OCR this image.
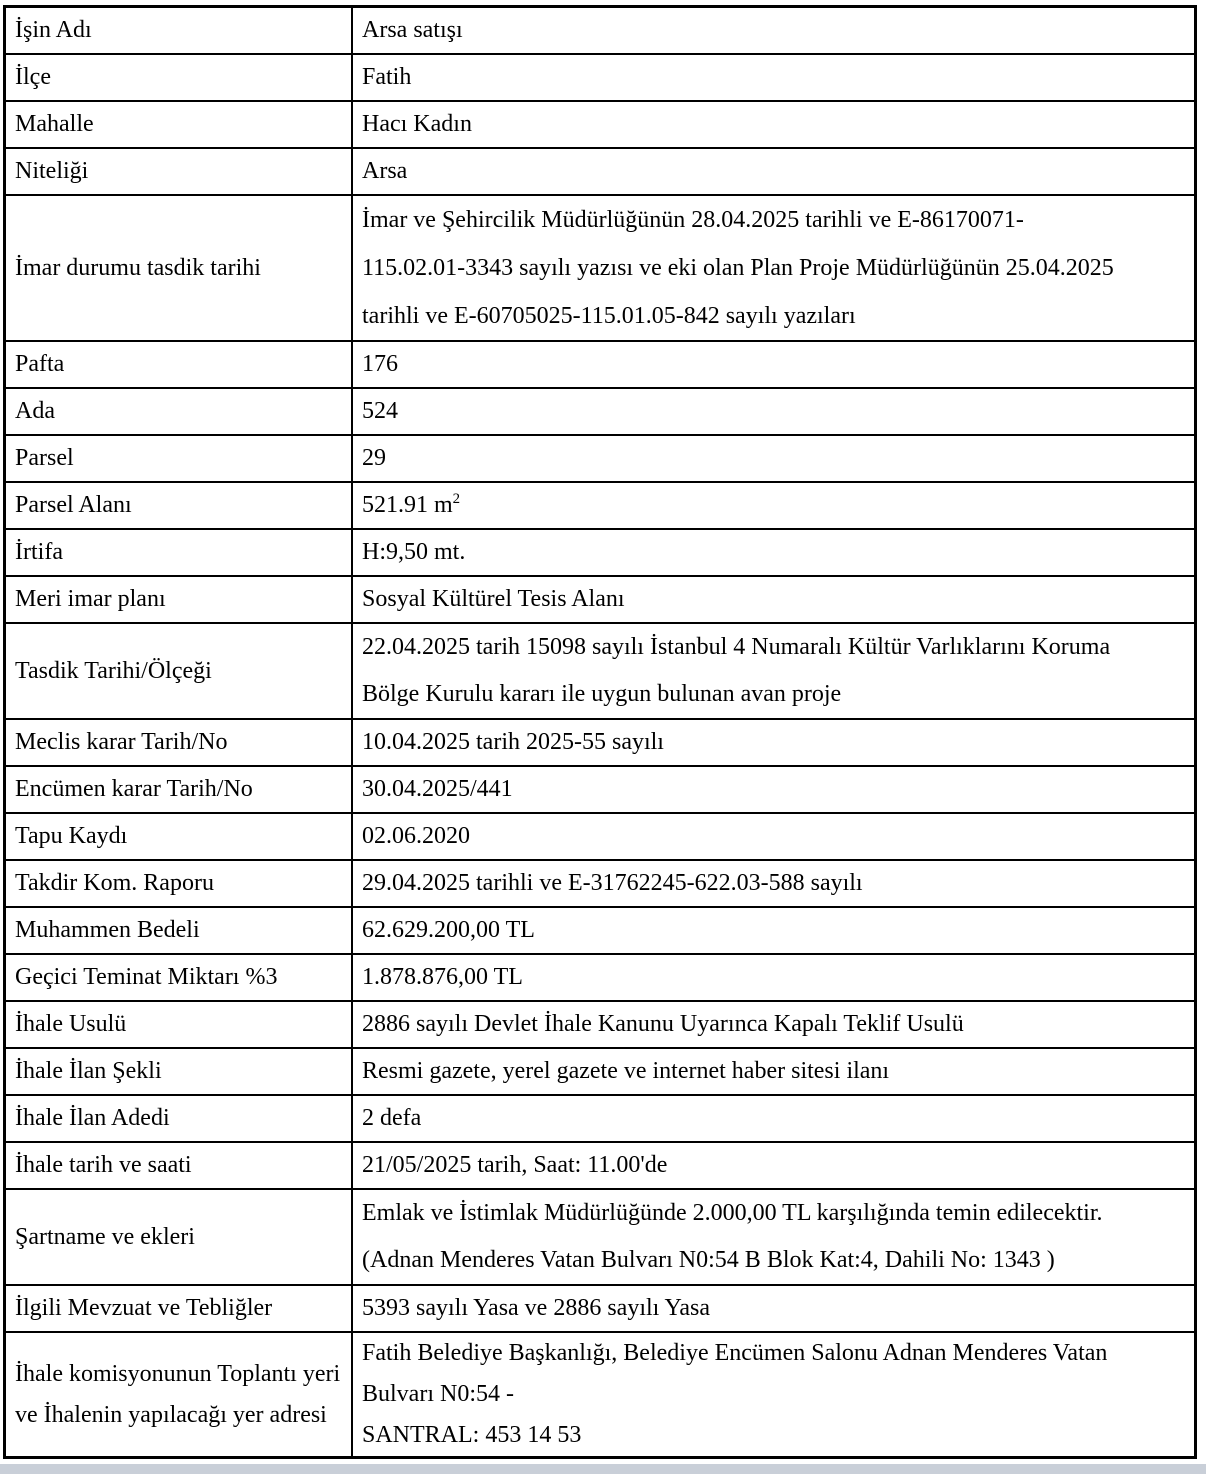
İşin Adı	Arsa satışı

İlçe	Fatih

Mahalle	Hacı Kadın

Niteliği	Arsa

İmar durumu tasdik tarihi	İmar ve Şehircilik Müdürlüğünün 28.04.2025 tarihli ve E-86170071-
115.02.01-3343 sayılı yazısı ve eki olan Plan Proje Müdürlüğünün 25.04.2025
tarihli ve E-60705025-115.01.05-842 sayılı yazıları

Pafta	176

Ada	524

Parsel	29

Parsel Alanı	521.91 $m^2$

İrtifa	H:9,50 mt.

Meri imar planı	Sosyal Kültürel Tesis Alanı

Tasdik Tarihi/Ölçeği	22.04.2025 tarih 15098 sayılı İstanbul 4 Numaralı Kültür Varlıklarını Koruma
Bölge Kurulu kararı ile uygun bulunan avan proje

Meclis karar Tarih/No	10.04.2025 tarih 2025-55 sayılı

Encümen karar Tarih/No	30.04.2025/441

Tapu Kaydı	02.06.2020

Takdir Kom. Raporu	29.04.2025 tarihli ve E-31762245-622.03-588 sayılı

Muhammen Bedeli	62.629.200,00 TL

Geçici Teminat Miktarı %3	1.878.876,00 TL

İhale Usulü	2886 sayılı Devlet İhale Kanunu Uyarınca Kapalı Teklif Usulü

İhale İlan Şekli	Resmi gazete, yerel gazete ve internet haber sitesi ilanı

İhale İlan Adedi	2 defa

İhale tarih ve saati	21/05/2025 tarih, Saat: 11.00'de

Şartname ve ekleri	Emlak ve İstimlak Müdürlüğünde 2.000,00 TL karşılığında temin edilecektir.
(Adnan Menderes Vatan Bulvarı N0:54 B Blok Kat:4, Dahili No: 1343 )

İlgili Mevzuat ve Tebliğler	5393 sayılı Yasa ve 2886 sayılı Yasa

İhale komisyonunun Toplantı yeri ve İhalenin yapılacağı yer adresi	Fatih Belediye Başkanlığı, Belediye Encümen Salonu Adnan Menderes Vatan
Bulvarı N0:54 -
SANTRAL: 453 14 53
